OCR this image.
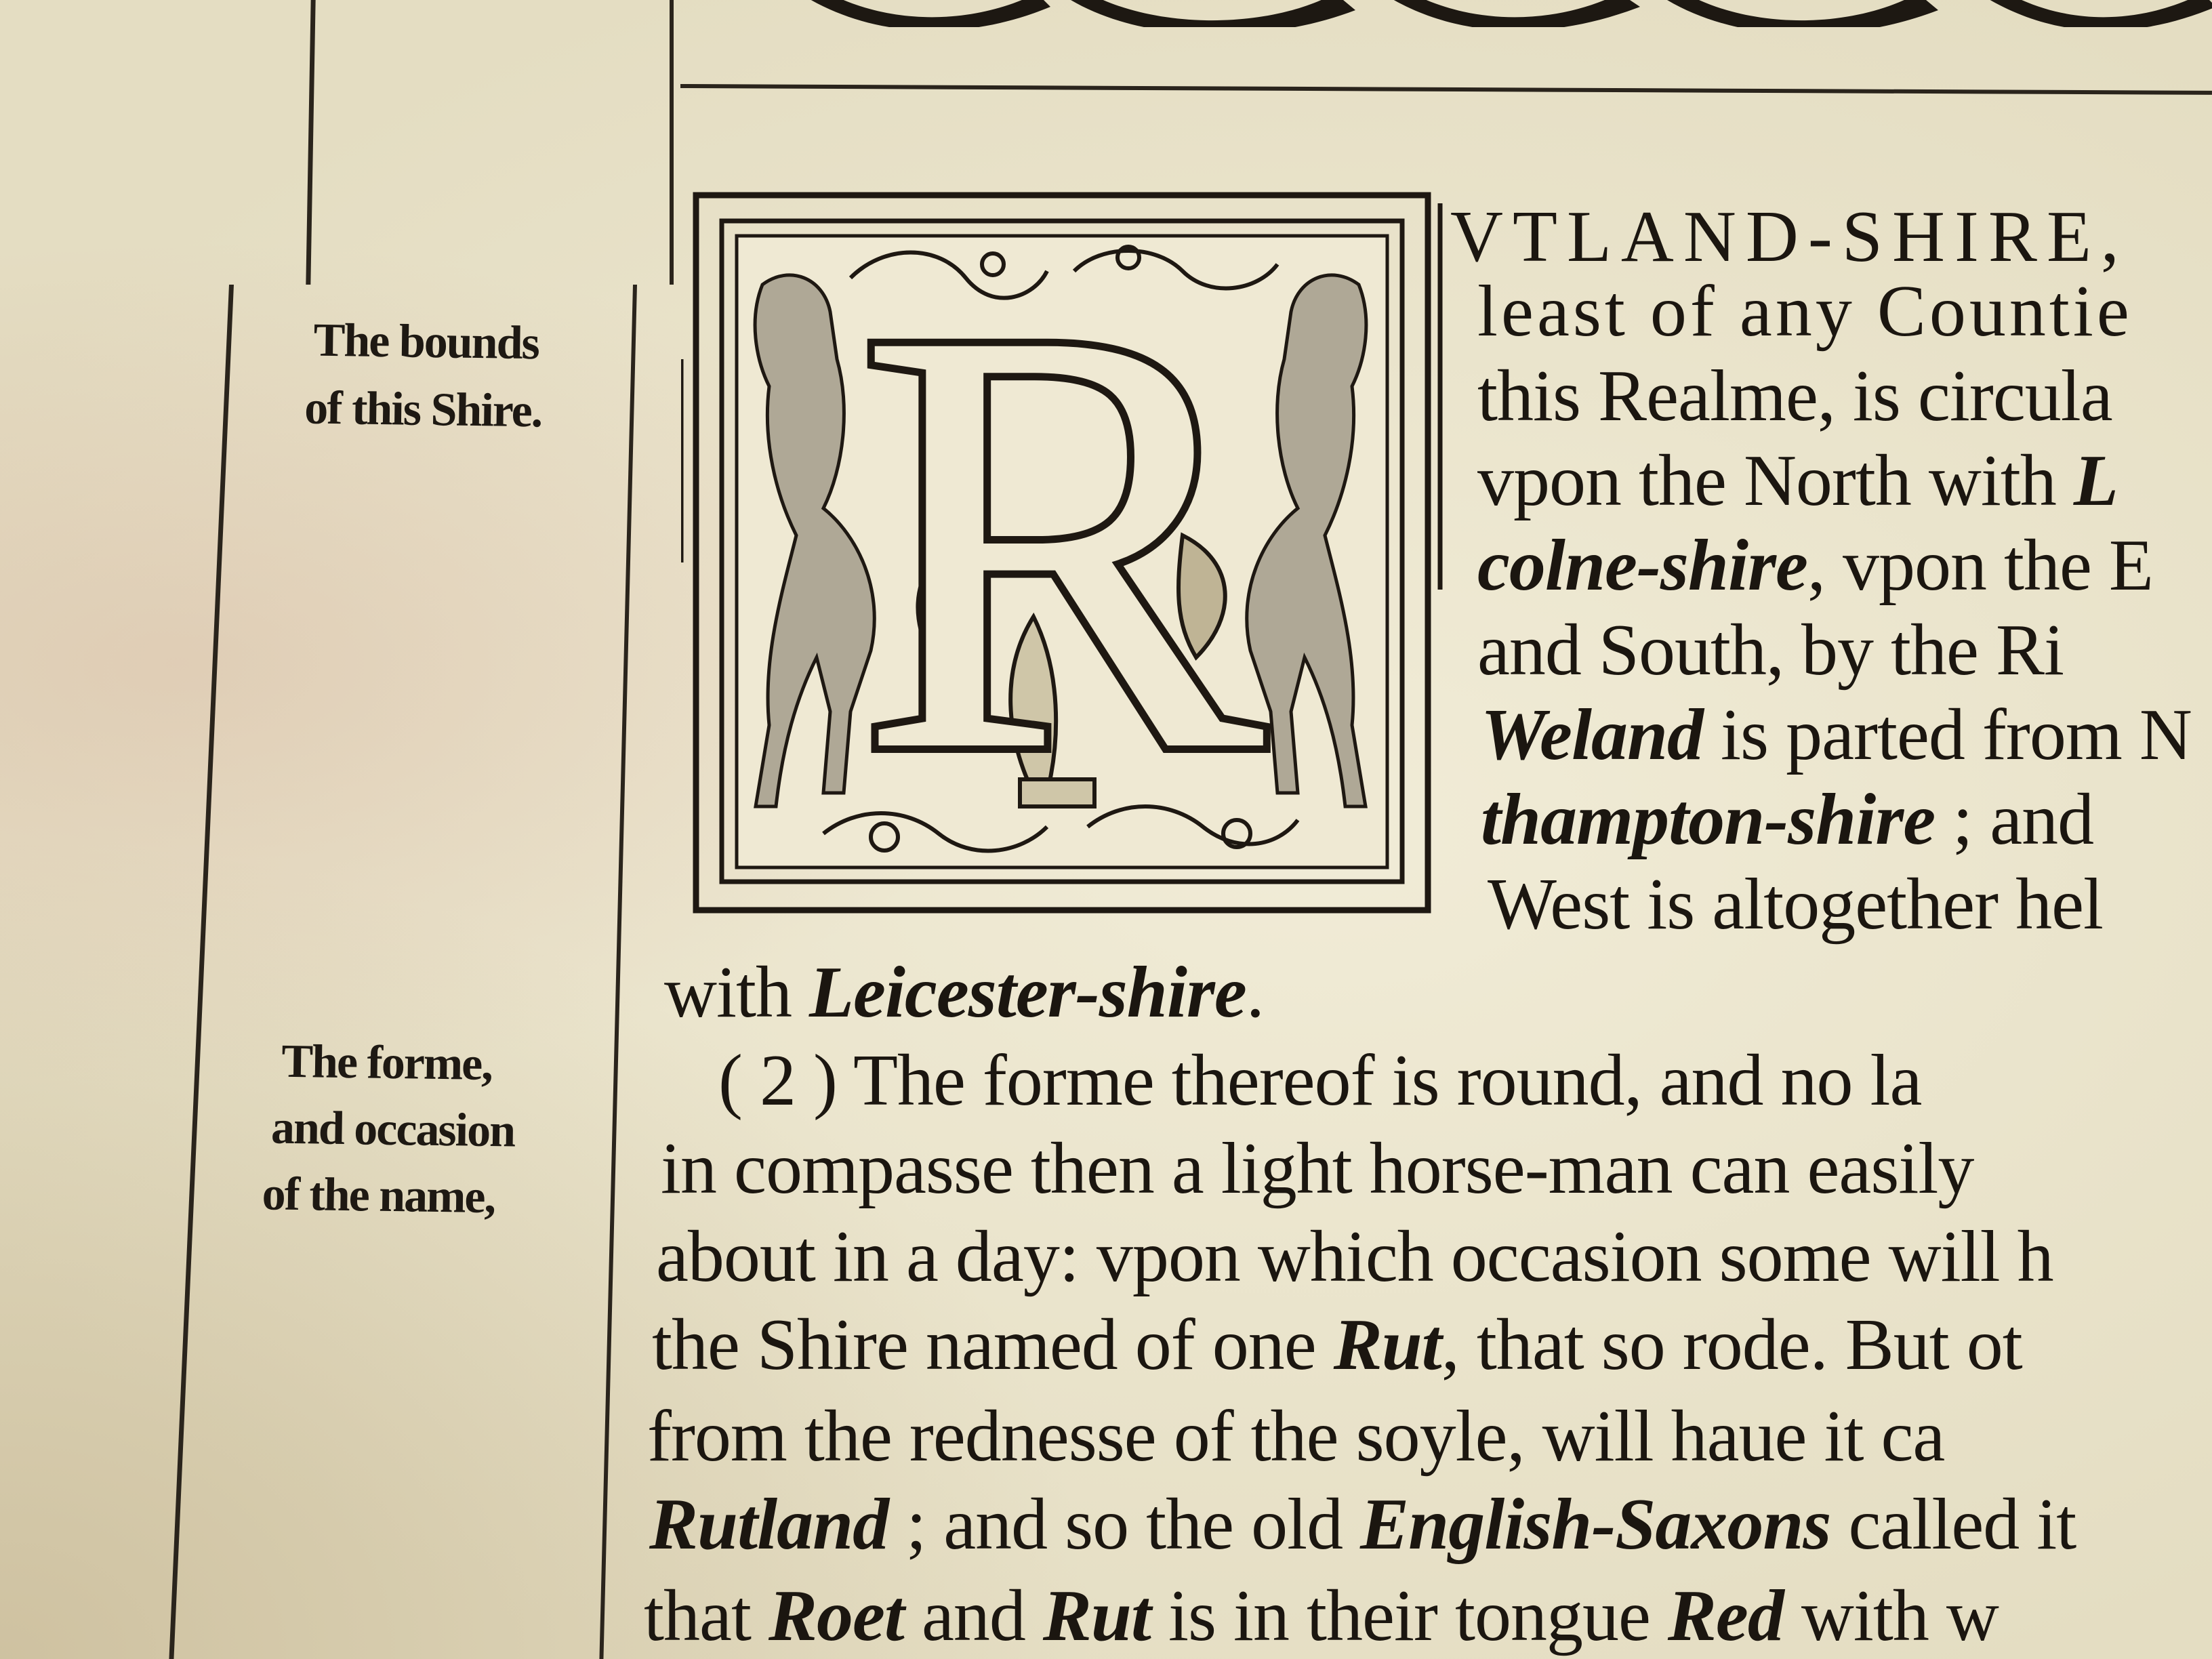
The bounds
of this Shire.
The forme,
and occasion
of the name,
R	VTLAND-SHIRE,
least of any Countie
this Realme, is circula
vpon the North with L
colne-shire, vpon the E
and South, by the Ri
Weland is parted from N
thampton-shire ; and
West is altogether hel
with Leicester-shire.
( 2 ) The forme thereof is round, and no la
in compasse then a light horse-man can easily
about in a day: vpon which occasion some will h
the Shire named of one Rut, that so rode. But ot
from the rednesse of the soyle, will haue it ca
Rutland ; and so the old English-Saxons called it
that Roet and Rut is in their tongue Red with w
